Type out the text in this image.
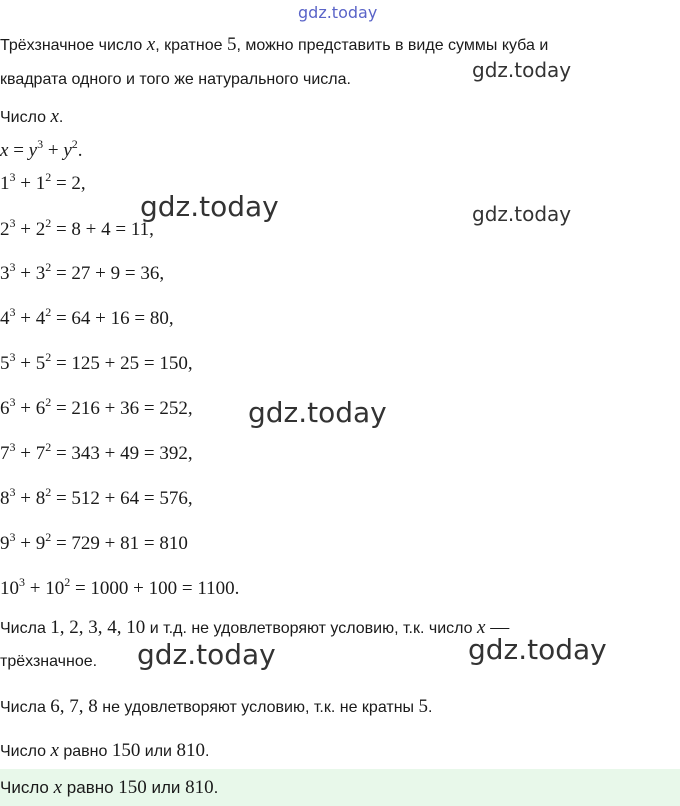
gdz.today
gdz.today
gdz.today	gdz.today
gdz.today
gdz.today	gdz.today
Трёхзначное число x, кратное 5, можно представить в виде суммы куба и
квадрата одного и того же натурального числа.
Число x.
$x = y^3 + y^2$.
$1^3 + 1^2 = 2$,
$2^3 + 2^2 = 8 + 4 = 11$,
$3^3 + 3^2 = 27 + 9 = 36$,
$4^3 + 4^2 = 64 + 16 = 80$,
$5^3 + 5^2 = 125 + 25 = 150$,
$6^3 + 6^2 = 216 + 36 = 252$,
$7^3 + 7^2 = 343 + 49 = 392$,
$8^3 + 8^2 = 512 + 64 = 576$,
$9^3 + 9^2 = 729 + 81 = 810$
$10^3 + 10^2 = 1000 + 100 = 1100$.
Числа 1, 2, 3, 4, 10 и т.д. не удовлетворяют условию, т.к. число x —
трёхзначное.
Числа 6, 7, 8 не удовлетворяют условию, т.к. не кратны 5.
Число x равно 150 или 810.
Число x равно 150 или 810.
